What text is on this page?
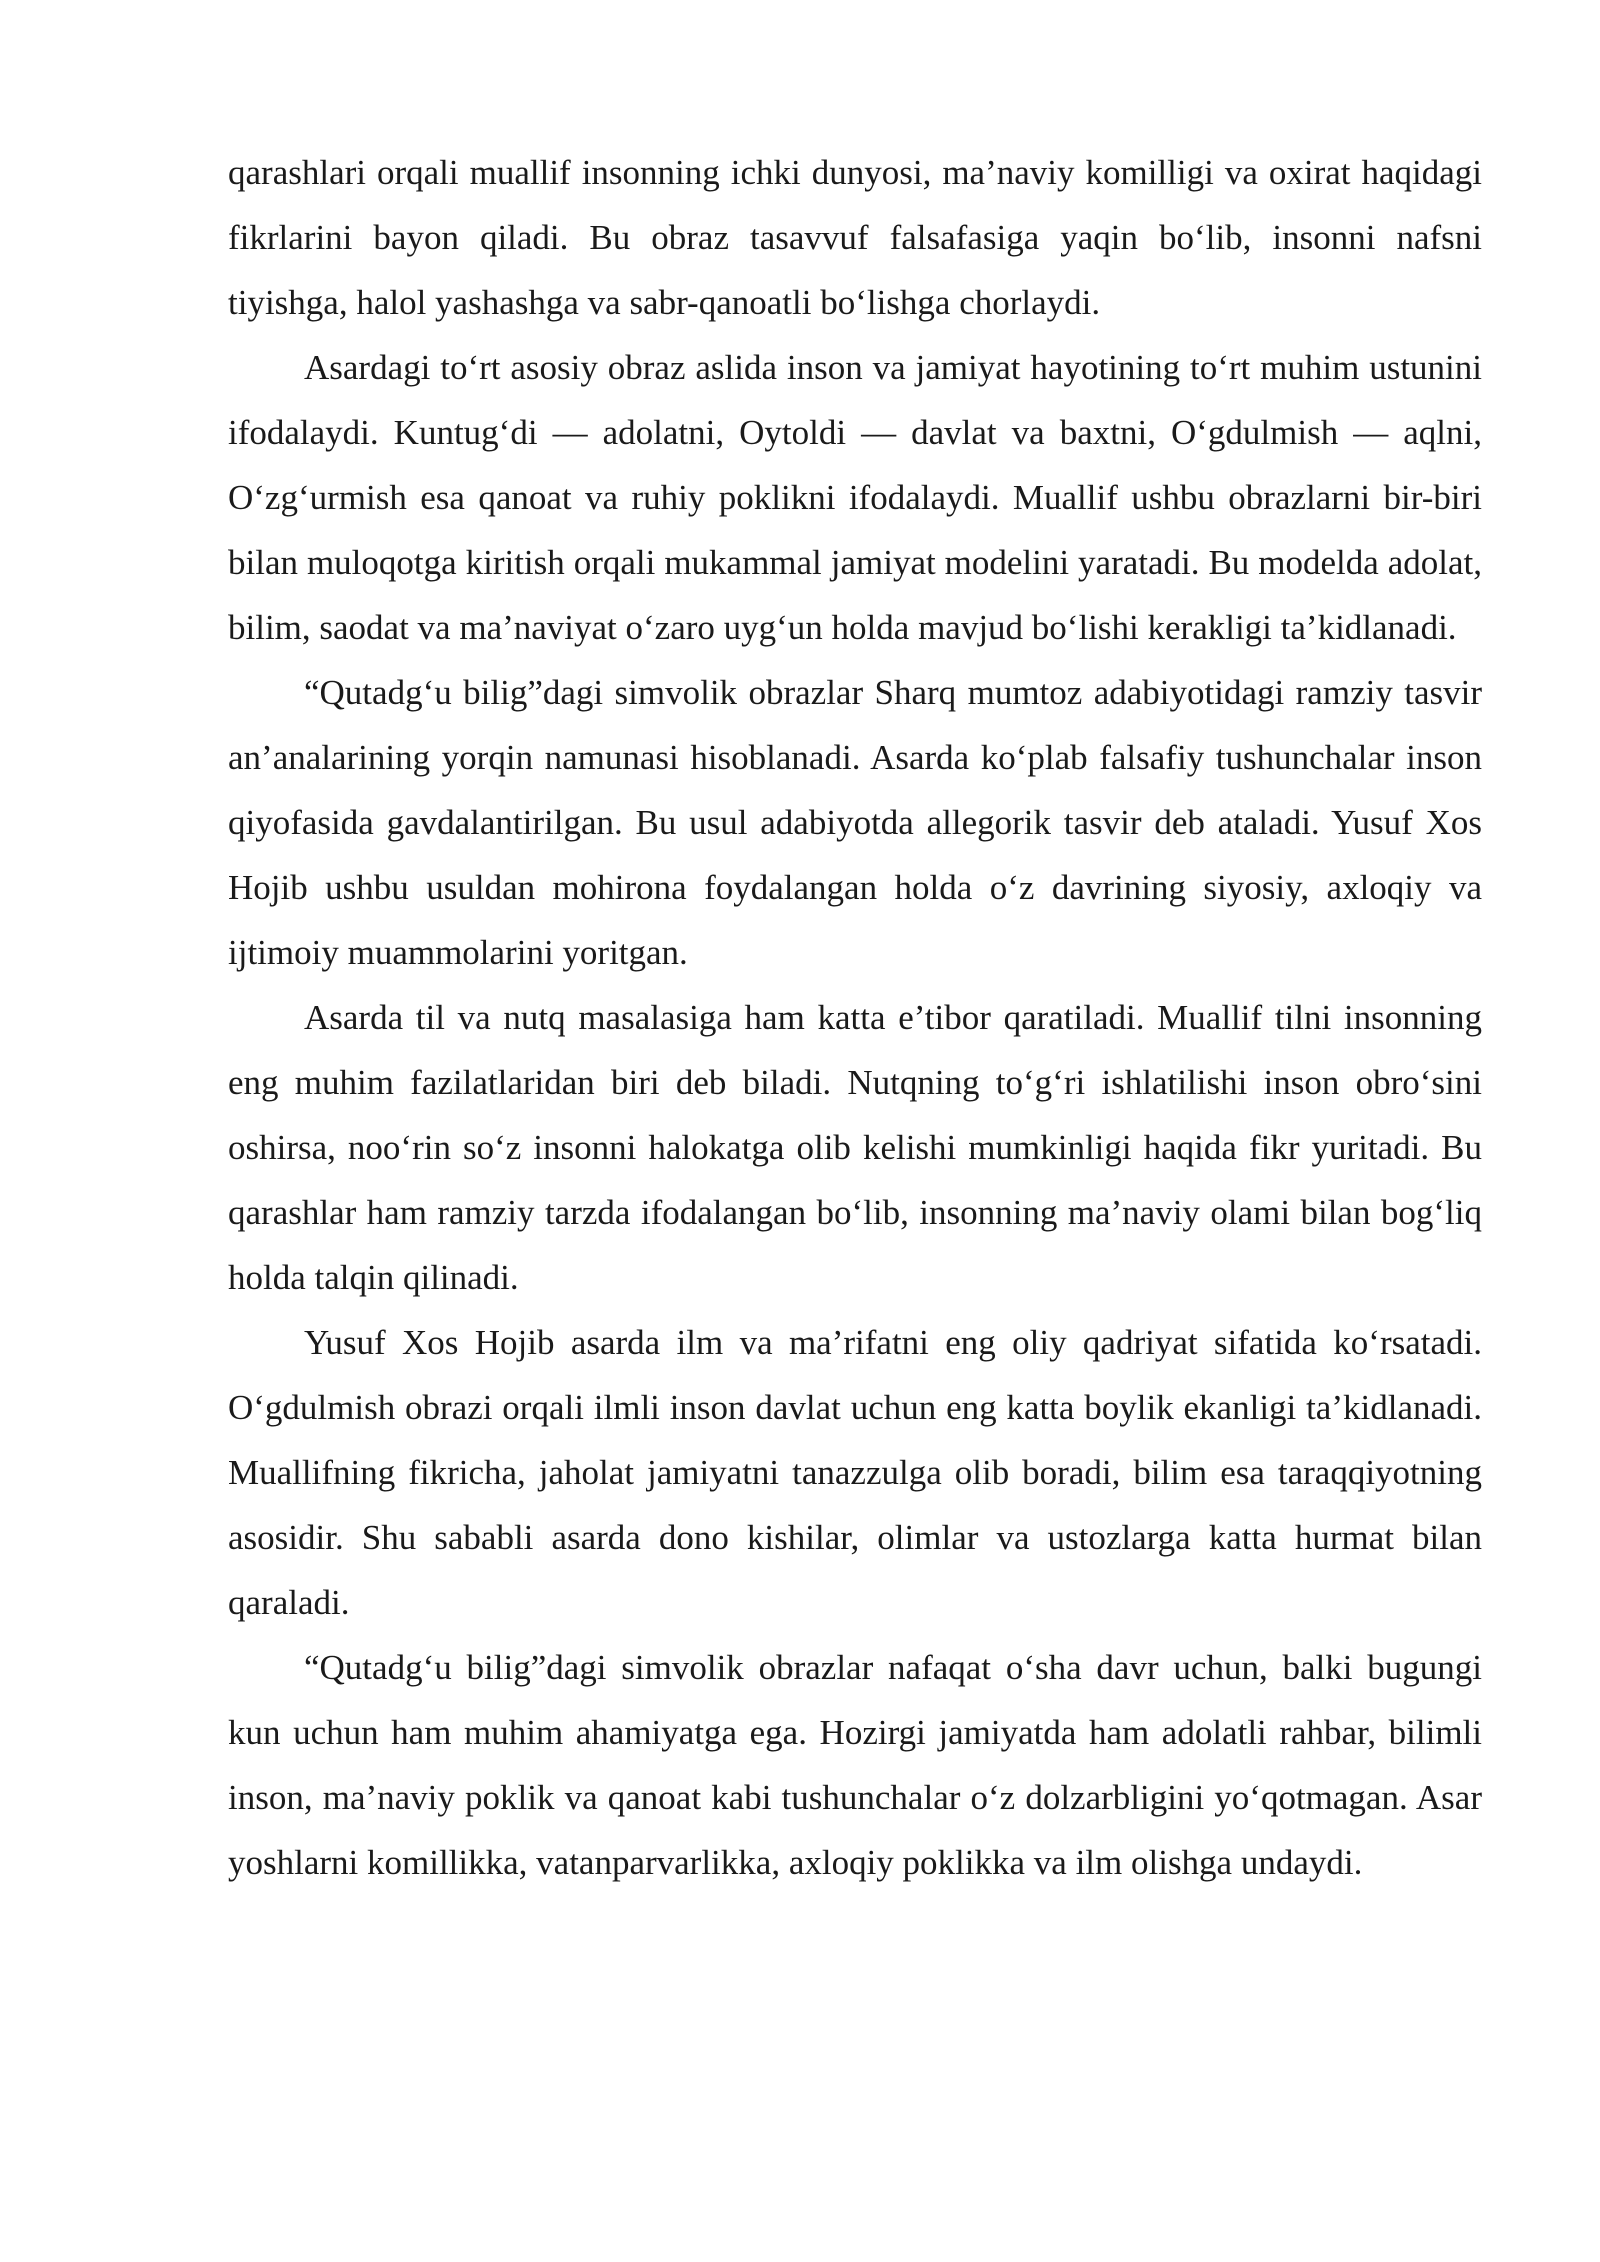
qarashlari orqali muallif insonning ichki dunyosi, ma’naviy komilligi va oxirat haqidagi fikrlarini bayon qiladi. Bu obraz tasavvuf falsafasiga yaqin bo‘lib, insonni nafsni tiyishga, halol yashashga va sabr-qanoatli bo‘lishga chorlaydi.

Asardagi to‘rt asosiy obraz aslida inson va jamiyat hayotining to‘rt muhim ustunini ifodalaydi. Kuntug‘di — adolatni, Oytoldi — davlat va baxtni, O‘gdulmish — aqlni, O‘zg‘urmish esa qanoat va ruhiy poklikni ifodalaydi. Muallif ushbu obrazlarni bir-biri bilan muloqotga kiritish orqali mukammal jamiyat modelini yaratadi. Bu modelda adolat, bilim, saodat va ma’naviyat o‘zaro uyg‘un holda mavjud bo‘lishi kerakligi ta’kidlanadi.

“Qutadg‘u bilig”dagi simvolik obrazlar Sharq mumtoz adabiyotidagi ramziy tasvir an’analarining yorqin namunasi hisoblanadi. Asarda ko‘plab falsafiy tushunchalar inson qiyofasida gavdalantirilgan. Bu usul adabiyotda allegorik tasvir deb ataladi. Yusuf Xos Hojib ushbu usuldan mohirona foydalangan holda o‘z davrining siyosiy, axloqiy va ijtimoiy muammolarini yoritgan.

Asarda til va nutq masalasiga ham katta e’tibor qaratiladi. Muallif tilni insonning eng muhim fazilatlaridan biri deb biladi. Nutqning to‘g‘ri ishlatilishi inson obro‘sini oshirsa, noo‘rin so‘z insonni halokatga olib kelishi mumkinligi haqida fikr yuritadi. Bu qarashlar ham ramziy tarzda ifodalangan bo‘lib, insonning ma’naviy olami bilan bog‘liq holda talqin qilinadi.

Yusuf Xos Hojib asarda ilm va ma’rifatni eng oliy qadriyat sifatida ko‘rsatadi. O‘gdulmish obrazi orqali ilmli inson davlat uchun eng katta boylik ekanligi ta’kidlanadi. Muallifning fikricha, jaholat jamiyatni tanazzulga olib boradi, bilim esa taraqqiyotning asosidir. Shu sababli asarda dono kishilar, olimlar va ustozlarga katta hurmat bilan qaraladi.

“Qutadg‘u bilig”dagi simvolik obrazlar nafaqat o‘sha davr uchun, balki bugungi kun uchun ham muhim ahamiyatga ega. Hozirgi jamiyatda ham adolatli rahbar, bilimli inson, ma’naviy poklik va qanoat kabi tushunchalar o‘z dolzarbligini yo‘qotmagan. Asar yoshlarni komillikka, vatanparvarlikka, axloqiy poklikka va ilm olishga undaydi.
